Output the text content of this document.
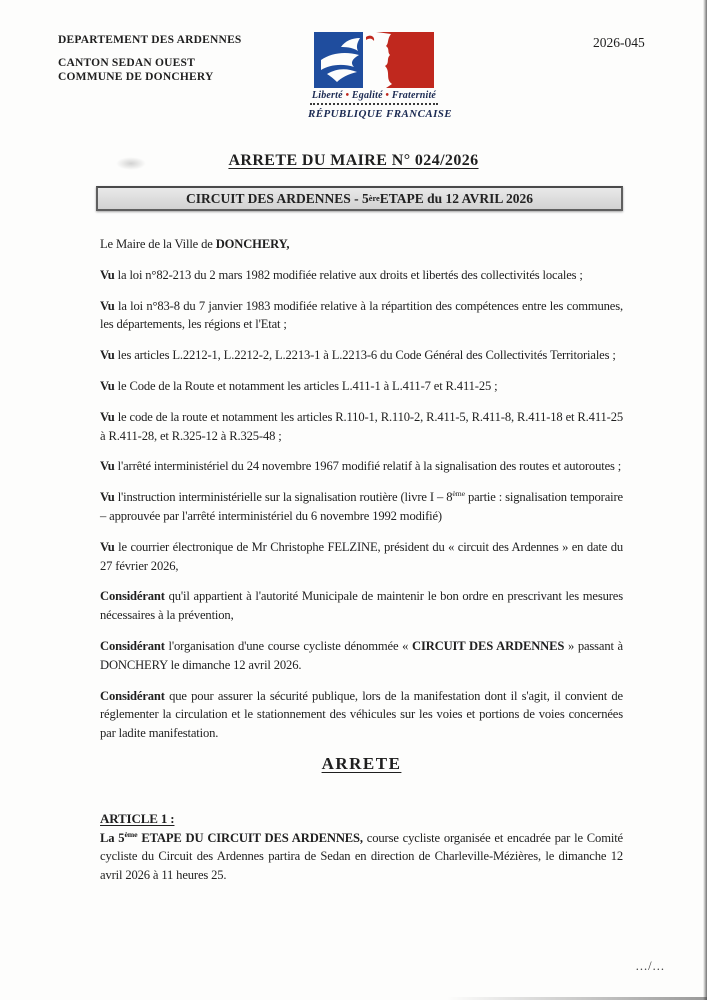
DEPARTEMENT DES ARDENNES
CANTON SEDAN OUEST
COMMUNE DE DONCHERY
Liberté • Egalité • Fraternité
RÉPUBLIQUE FRANCAISE
2026-045
ARRETE DU MAIRE N° 024/2026
CIRCUIT DES ARDENNES - 5 ère ETAPE du 12 AVRIL 2026

Le Maire de la Ville de DONCHERY,

Vu la loi n°82-213 du 2 mars 1982 modifiée relative aux droits et libertés des collectivités locales ;

Vu la loi n°83-8 du 7 janvier 1983 modifiée relative à la répartition des compétences entre les communes, les départements, les régions et l'Etat ;

Vu les articles L.2212-1, L.2212-2, L.2213-1 à L.2213-6 du Code Général des Collectivités Territoriales ;

Vu le Code de la Route et notamment les articles L.411-1 à L.411-7 et R.411-25 ;

Vu le code de la route et notamment les articles R.110-1, R.110-2, R.411-5, R.411-8, R.411-18 et R.411-25 à R.411-28, et R.325-12 à R.325-48 ;

Vu l'arrêté interministériel du 24 novembre 1967 modifié relatif à la signalisation des routes et autoroutes ;

Vu l'instruction interministérielle sur la signalisation routière (livre I – 8ème partie : signalisation temporaire – approuvée par l'arrêté interministériel du 6 novembre 1992 modifié)

Vu le courrier électronique de Mr Christophe FELZINE, président du « circuit des Ardennes » en date du 27 février 2026,

Considérant qu'il appartient à l'autorité Municipale de maintenir le bon ordre en prescrivant les mesures nécessaires à la prévention,

Considérant l'organisation d'une course cycliste dénommée « CIRCUIT DES ARDENNES » passant à DONCHERY le dimanche 12 avril 2026.

Considérant que pour assurer la sécurité publique, lors de la manifestation dont il s'agit, il convient de réglementer la circulation et le stationnement des véhicules sur les voies et portions de voies concernées par ladite manifestation.

ARRETE
ARTICLE 1 :

La 5ème ETAPE DU CIRCUIT DES ARDENNES, course cycliste organisée et encadrée par le Comité cycliste du Circuit des Ardennes partira de Sedan en direction de Charleville-Mézières, le dimanche 12 avril 2026 à 11 heures 25.

.../...
